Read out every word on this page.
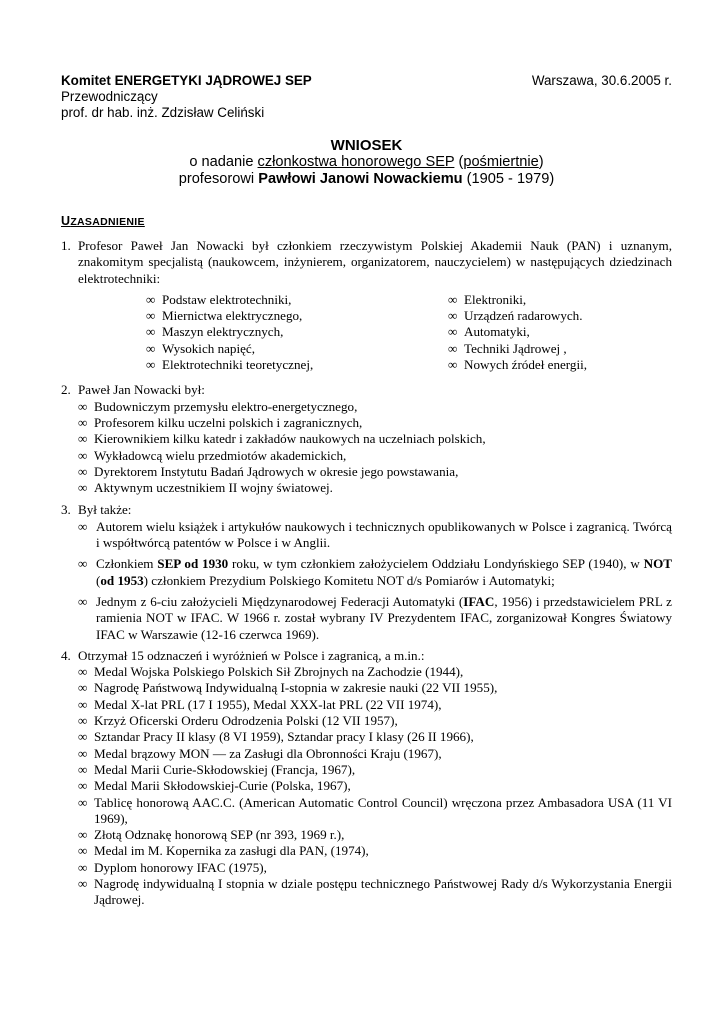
Komitet ENERGETYKI JĄDROWEJ SEP
Przewodniczący
prof. dr hab. inż. Zdzisław Celiński
Warszawa, 30.6.2005 r.
WNIOSEK
o nadanie członkostwa honorowego SEP (pośmiertnie)
profesorowi Pawłowi Janowi Nowackiemu (1905 - 1979)
UZASADNIENIE
1. Profesor Paweł Jan Nowacki był członkiem rzeczywistym Polskiej Akademii Nauk (PAN) i uznanym, znakomitym specjalistą (naukowcem, inżynierem, organizatorem, nauczycielem) w następujących dziedzinach elektrotechniki:
∞ Podstaw elektrotechniki,
∞ Miernictwa elektrycznego,
∞ Maszyn elektrycznych,
∞ Wysokich napięć,
∞ Elektrotechniki teoretycznej,
∞ Elektroniki,
∞ Urządzeń radarowych.
∞ Automatyki,
∞ Techniki Jądrowej ,
∞ Nowych źródeł energii,
2. Paweł Jan Nowacki był:
∞ Budowniczym przemysłu elektro-energetycznego,
∞ Profesorem kilku uczelni polskich i zagranicznych,
∞ Kierownikiem kilku katedr i zakładów naukowych na uczelniach polskich,
∞ Wykładowcą wielu przedmiotów akademickich,
∞ Dyrektorem Instytutu Badań Jądrowych w okresie jego powstawania,
∞ Aktywnym uczestnikiem II wojny światowej.
3. Był także:
∞ Autorem wielu książek i artykułów naukowych i technicznych opublikowanych w Polsce i zagranicą. Twórcą i współtwórcą patentów w Polsce i w Anglii.
∞ Członkiem SEP od 1930 roku, w tym członkiem założycielem Oddziału Londyńskiego SEP (1940), w NOT (od 1953) członkiem Prezydium Polskiego Komitetu NOT d/s Pomiarów i Automatyki;
∞ Jednym z 6-ciu założycieli Międzynarodowej Federacji Automatyki (IFAC, 1956) i przedstawicielem PRL z ramienia NOT w IFAC. W 1966 r. został wybrany IV Prezydentem IFAC, zorganizował Kongres Światowy IFAC w Warszawie (12-16 czerwca 1969).
4. Otrzymał 15 odznaczeń i wyróżnień w Polsce i zagranicą, a m.in.:
∞ Medal Wojska Polskiego Polskich Sił Zbrojnych na Zachodzie (1944),
∞ Nagrodę Państwową Indywidualną I-stopnia w zakresie nauki (22 VII 1955),
∞ Medal X-lat PRL (17 I 1955), Medal XXX-lat PRL (22 VII 1974),
∞ Krzyż Oficerski Orderu Odrodzenia Polski (12 VII 1957),
∞ Sztandar Pracy II klasy (8 VI 1959), Sztandar pracy I klasy (26 II 1966),
∞ Medal brązowy MON — za Zasługi dla Obronności Kraju (1967),
∞ Medal Marii Curie-Skłodowskiej (Francja, 1967),
∞ Medal Marii Skłodowskiej-Curie (Polska, 1967),
∞ Tablicę honorową AAC.C. (American Automatic Control Council) wręczona przez Ambasadora USA (11 VI 1969),
∞ Złotą Odznakę honorową SEP (nr 393, 1969 r.),
∞ Medal im M. Kopernika za zasługi dla PAN, (1974),
∞ Dyplom honorowy IFAC (1975),
∞ Nagrodę indywidualną I stopnia w dziale postępu technicznego Państwowej Rady d/s Wykorzystania Energii Jądrowej.
